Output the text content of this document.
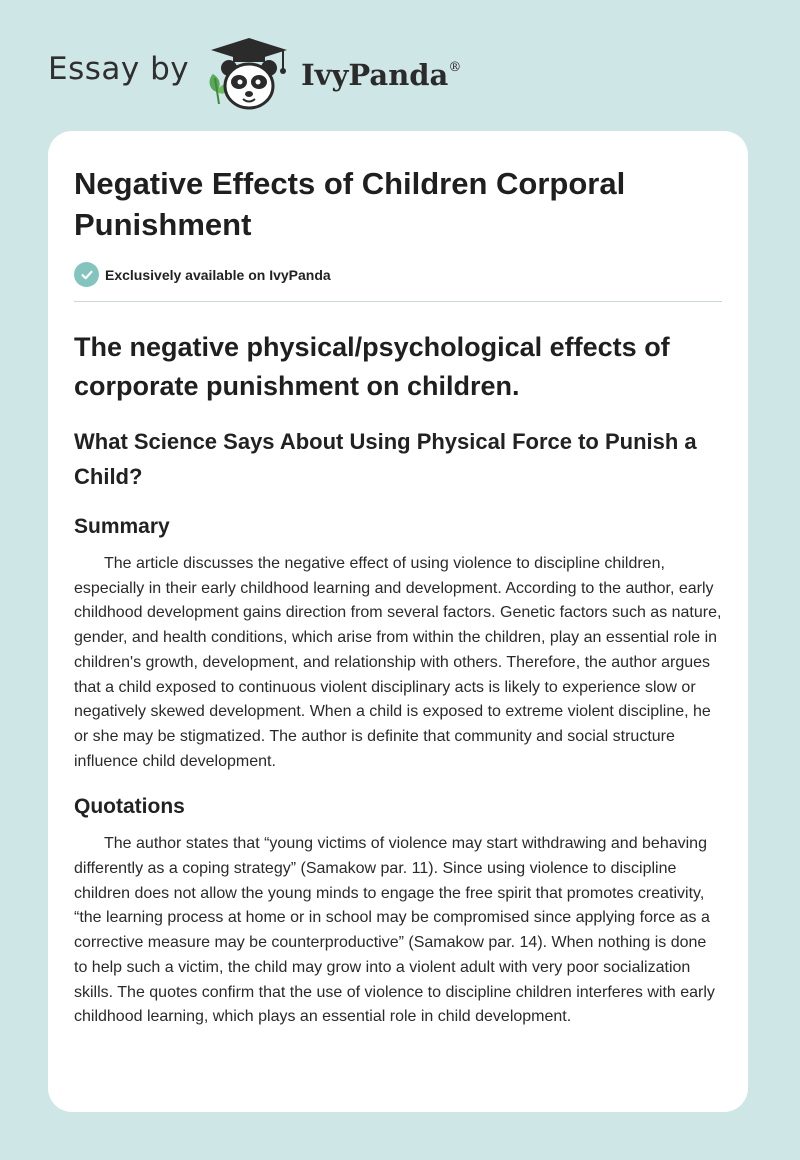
Essay by	IvyPanda®
Negative Effects of Children Corporal Punishment
Exclusively available on IvyPanda
The negative physical/psychological effects of corporate punishment on children.
What Science Says About Using Physical Force to Punish a Child?
Summary

The article discusses the negative effect of using violence to discipline children, especially in their early childhood learning and development. According to the author, early childhood development gains direction from several factors. Genetic factors such as nature, gender, and health conditions, which arise from within the children, play an essential role in children's growth, development, and relationship with others. Therefore, the author argues that a child exposed to continuous violent disciplinary acts is likely to experience slow or negatively skewed development. When a child is exposed to extreme violent discipline, he or she may be stigmatized. The author is definite that community and social structure influence child development.

Quotations

The author states that “young victims of violence may start withdrawing and behaving differently as a coping strategy” (Samakow par. 11). Since using violence to discipline children does not allow the young minds to engage the free spirit that promotes creativity, “the learning process at home or in school may be compromised since applying force as a corrective measure may be counterproductive” (Samakow par. 14). When nothing is done to help such a victim, the child may grow into a violent adult with very poor socialization skills. The quotes confirm that the use of violence to discipline children interferes with early childhood learning, which plays an essential role in child development.
